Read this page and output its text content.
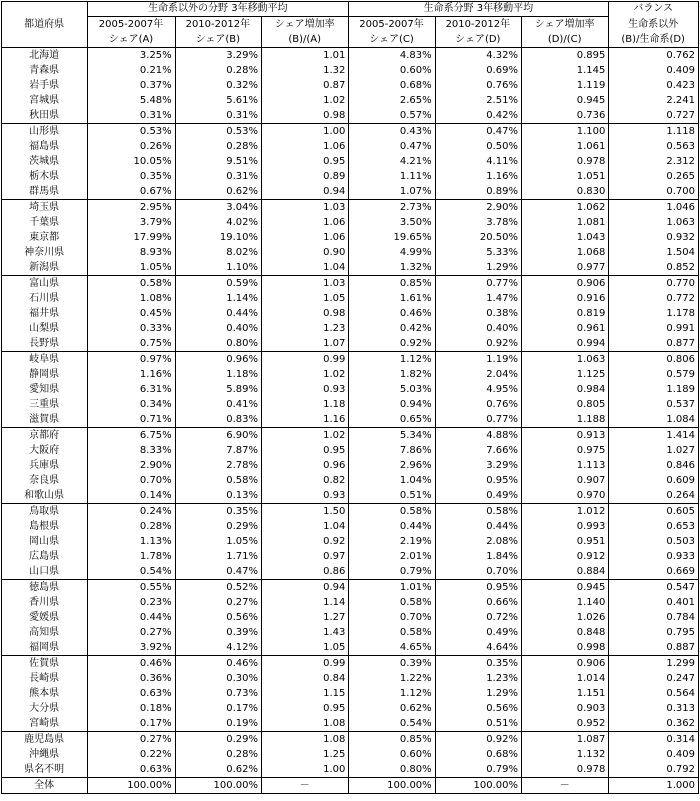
都道府県	生命系以外の分野 3年移動平均			生命系分野 3年移動平均			バランス
	2005-2007年	2010-2012年	シェア増加率	2005-2007年	2010-2012年	シェア増加率	生命系以外
	シェア(A)	シェア(B)	(B)/(A)	シェア(C)	シェア(D)	(D)/(C)	(B)/生命系(D)
北海道	3.25%	3.29%	1.01	4.83%	4.32%	0.895	0.762
青森県	0.21%	0.28%	1.32	0.60%	0.69%	1.145	0.409
岩手県	0.37%	0.32%	0.87	0.68%	0.76%	1.119	0.423
宮城県	5.48%	5.61%	1.02	2.65%	2.51%	0.945	2.241
秋田県	0.31%	0.31%	0.98	0.57%	0.42%	0.736	0.727
山形県	0.53%	0.53%	1.00	0.43%	0.47%	1.100	1.118
福島県	0.26%	0.28%	1.06	0.47%	0.50%	1.061	0.563
茨城県	10.05%	9.51%	0.95	4.21%	4.11%	0.978	2.312
栃木県	0.35%	0.31%	0.89	1.11%	1.16%	1.051	0.265
群馬県	0.67%	0.62%	0.94	1.07%	0.89%	0.830	0.700
埼玉県	2.95%	3.04%	1.03	2.73%	2.90%	1.062	1.046
千葉県	3.79%	4.02%	1.06	3.50%	3.78%	1.081	1.063
東京都	17.99%	19.10%	1.06	19.65%	20.50%	1.043	0.932
神奈川県	8.93%	8.02%	0.90	4.99%	5.33%	1.068	1.504
新潟県	1.05%	1.10%	1.04	1.32%	1.29%	0.977	0.852
富山県	0.58%	0.59%	1.03	0.85%	0.77%	0.906	0.770
石川県	1.08%	1.14%	1.05	1.61%	1.47%	0.916	0.772
福井県	0.45%	0.44%	0.98	0.46%	0.38%	0.819	1.178
山梨県	0.33%	0.40%	1.23	0.42%	0.40%	0.961	0.991
長野県	0.75%	0.80%	1.07	0.92%	0.92%	0.994	0.877
岐阜県	0.97%	0.96%	0.99	1.12%	1.19%	1.063	0.806
静岡県	1.16%	1.18%	1.02	1.82%	2.04%	1.125	0.579
愛知県	6.31%	5.89%	0.93	5.03%	4.95%	0.984	1.189
三重県	0.34%	0.41%	1.18	0.94%	0.76%	0.805	0.537
滋賀県	0.71%	0.83%	1.16	0.65%	0.77%	1.188	1.084
京都府	6.75%	6.90%	1.02	5.34%	4.88%	0.913	1.414
大阪府	8.33%	7.87%	0.95	7.86%	7.66%	0.975	1.027
兵庫県	2.90%	2.78%	0.96	2.96%	3.29%	1.113	0.846
奈良県	0.70%	0.58%	0.82	1.04%	0.95%	0.907	0.609
和歌山県	0.14%	0.13%	0.93	0.51%	0.49%	0.970	0.264
鳥取県	0.24%	0.35%	1.50	0.58%	0.58%	1.012	0.605
島根県	0.28%	0.29%	1.04	0.44%	0.44%	0.993	0.653
岡山県	1.13%	1.05%	0.92	2.19%	2.08%	0.951	0.503
広島県	1.78%	1.71%	0.97	2.01%	1.84%	0.912	0.933
山口県	0.54%	0.47%	0.86	0.79%	0.70%	0.884	0.669
徳島県	0.55%	0.52%	0.94	1.01%	0.95%	0.945	0.547
香川県	0.23%	0.27%	1.14	0.58%	0.66%	1.140	0.401
愛媛県	0.44%	0.56%	1.27	0.70%	0.72%	1.026	0.784
高知県	0.27%	0.39%	1.43	0.58%	0.49%	0.848	0.795
福岡県	3.92%	4.12%	1.05	4.65%	4.64%	0.998	0.887
佐賀県	0.46%	0.46%	0.99	0.39%	0.35%	0.906	1.299
長崎県	0.36%	0.30%	0.84	1.22%	1.23%	1.014	0.247
熊本県	0.63%	0.73%	1.15	1.12%	1.29%	1.151	0.564
大分県	0.18%	0.17%	0.95	0.62%	0.56%	0.903	0.313
宮崎県	0.17%	0.19%	1.08	0.54%	0.51%	0.952	0.362
鹿児島県	0.27%	0.29%	1.08	0.85%	0.92%	1.087	0.314
沖縄県	0.22%	0.28%	1.25	0.60%	0.68%	1.132	0.409
県名不明	0.63%	0.62%	1.00	0.80%	0.79%	0.978	0.792
全体	100.00%	100.00%	－	100.00%	100.00%	－	1.000
